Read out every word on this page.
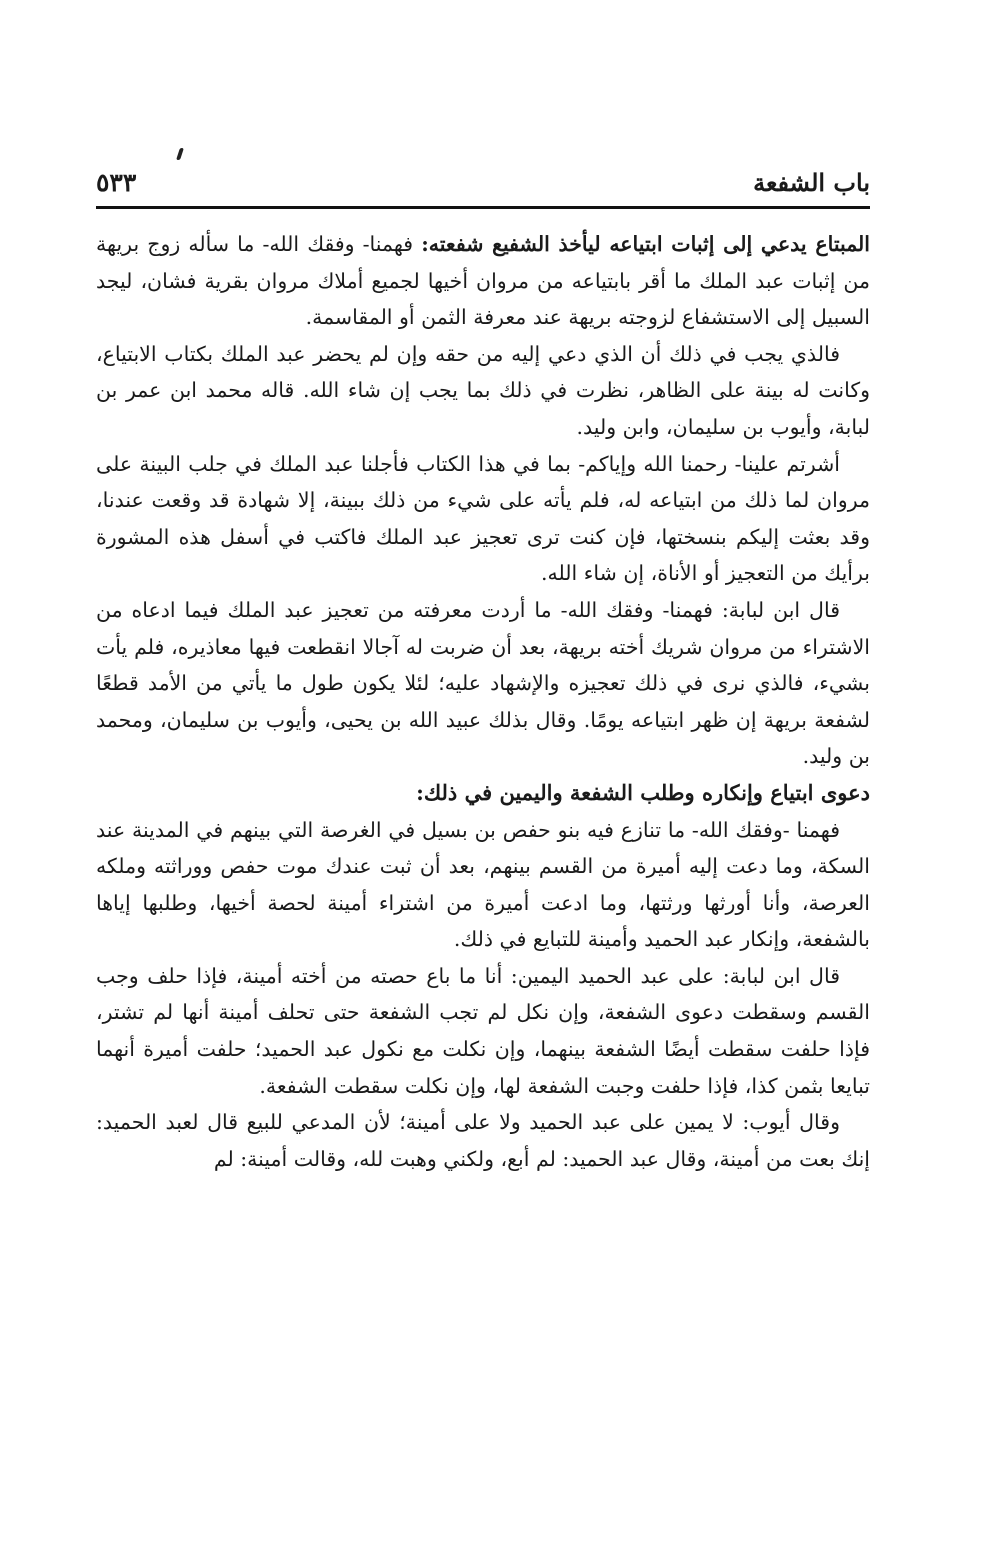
باب الشفعة
٥٣٣

المبتاع يدعي إلى إثبات ابتياعه ليأخذ الشفيع شفعته: فهمنا- وفقك الله- ما سأله زوج بريهة من إثبات عبد الملك ما أقر بابتياعه من مروان أخيها لجميع أملاك مروان بقرية فشان، ليجد السبيل إلى الاستشفاع لزوجته بريهة عند معرفة الثمن أو المقاسمة.

فالذي يجب في ذلك أن الذي دعي إليه من حقه وإن لم يحضر عبد الملك بكتاب الابتياع، وكانت له بينة على الظاهر، نظرت في ذلك بما يجب إن شاء الله. قاله محمد ابن عمر بن لبابة، وأيوب بن سليمان، وابن وليد.

أشرتم علينا- رحمنا الله وإياكم- بما في هذا الكتاب فأجلنا عبد الملك في جلب البينة على مروان لما ذلك من ابتياعه له، فلم يأته على شيء من ذلك ببينة، إلا شهادة قد وقعت عندنا، وقد بعثت إليكم بنسختها، فإن كنت ترى تعجيز عبد الملك فاكتب في أسفل هذه المشورة برأيك من التعجيز أو الأناة، إن شاء الله.

قال ابن لبابة: فهمنا- وفقك الله- ما أردت معرفته من تعجيز عبد الملك فيما ادعاه من الاشتراء من مروان شريك أخته بريهة، بعد أن ضربت له آجالا انقطعت فيها معاذيره، فلم يأت بشيء، فالذي نرى في ذلك تعجيزه والإشهاد عليه؛ لئلا يكون طول ما يأتي من الأمد قطعًا لشفعة بريهة إن ظهر ابتياعه يومًا. وقال بذلك عبيد الله بن يحيى، وأيوب بن سليمان، ومحمد بن وليد.

دعوى ابتياع وإنكاره وطلب الشفعة واليمين في ذلك:

فهمنا -وفقك الله- ما تنازع فيه بنو حفص بن بسيل في الغرصة التي بينهم في المدينة عند السكة، وما دعت إليه أميرة من القسم بينهم، بعد أن ثبت عندك موت حفص ووراثته وملكه العرصة، وأنا أورثها ورثتها، وما ادعت أميرة من اشتراء أمينة لحصة أخيها، وطلبها إياها بالشفعة، وإنكار عبد الحميد وأمينة للتبايع في ذلك.

قال ابن لبابة: على عبد الحميد اليمين: أنا ما باع حصته من أخته أمينة، فإذا حلف وجب القسم وسقطت دعوى الشفعة، وإن نكل لم تجب الشفعة حتى تحلف أمينة أنها لم تشتر، فإذا حلفت سقطت أيضًا الشفعة بينهما، وإن نكلت مع نكول عبد الحميد؛ حلفت أميرة أنهما تبايعا بثمن كذا، فإذا حلفت وجبت الشفعة لها، وإن نكلت سقطت الشفعة.

وقال أيوب: لا يمين على عبد الحميد ولا على أمينة؛ لأن المدعي للبيع قال لعبد الحميد: إنك بعت من أمينة، وقال عبد الحميد: لم أبع، ولكني وهبت لله، وقالت أمينة: لم
